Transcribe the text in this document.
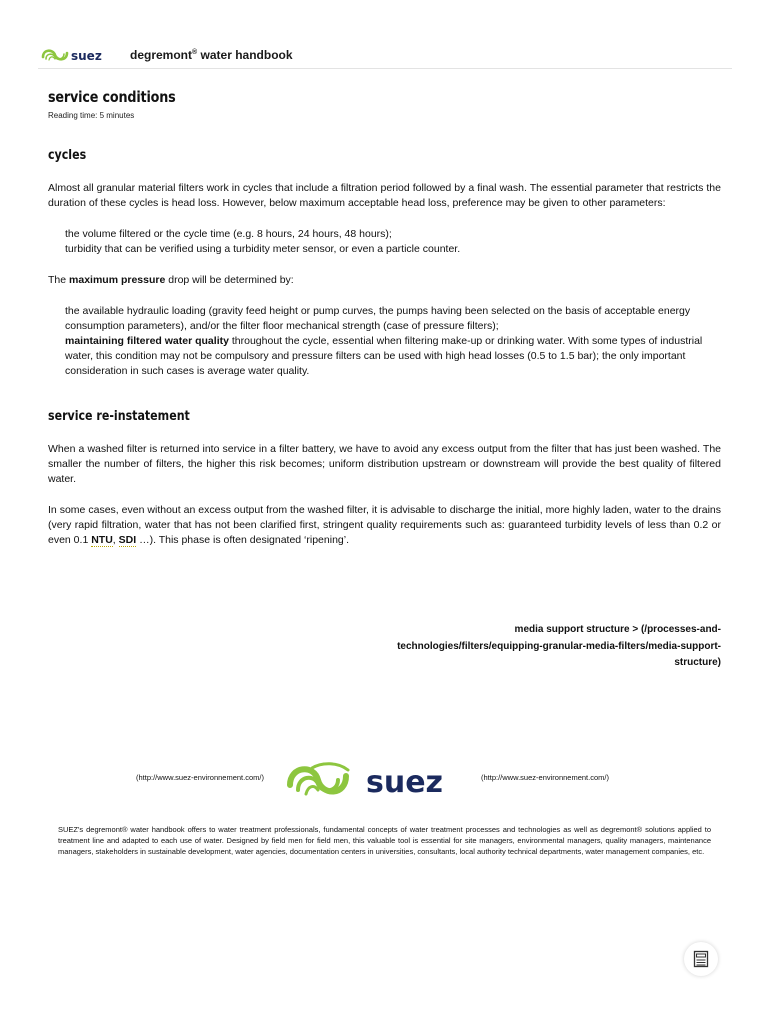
suez degremont® water handbook
service conditions
Reading time: 5 minutes
cycles

Almost all granular material filters work in cycles that include a filtration period followed by a final wash. The essential parameter that restricts the duration of these cycles is head loss. However, below maximum acceptable head loss, preference may be given to other parameters:

the volume filtered or the cycle time (e.g. 8 hours, 24 hours, 48 hours);

turbidity that can be verified using a turbidity meter sensor, or even a particle counter.

The maximum pressure drop will be determined by:

the available hydraulic loading (gravity feed height or pump curves, the pumps having been selected on the basis of acceptable energy consumption parameters), and/or the filter floor mechanical strength (case of pressure filters);

maintaining filtered water quality throughout the cycle, essential when filtering make-up or drinking water. With some types of industrial water, this condition may not be compulsory and pressure filters can be used with high head losses (0.5 to 1.5 bar); the only important consideration in such cases is average water quality.

service re-instatement

When a washed filter is returned into service in a filter battery, we have to avoid any excess output from the filter that has just been washed. The smaller the number of filters, the higher this risk becomes; uniform distribution upstream or downstream will provide the best quality of filtered water.

In some cases, even without an excess output from the washed filter, it is advisable to discharge the initial, more highly laden, water to the drains (very rapid filtration, water that has not been clarified first, stringent quality requirements such as: guaranteed turbidity levels of less than 0.2 or even 0.1 NTU, SDI …). This phase is often designated ‘ripening’.

media support structure > (/processes-and-technologies/filters/equipping-granular-media-filters/media-support-structure)
(http://www.suez-environnement.com/)	suez	(http://www.suez-environnement.com/)
SUEZ's degremont® water handbook offers to water treatment professionals, fundamental concepts of water treatment processes and technologies as well as degremont® solutions applied to treatment line and adapted to each use of water. Designed by field men for field men, this valuable tool is essential for site managers, environmental managers, quality managers, maintenance managers, stakeholders in sustainable development, water agencies, documentation centers in universities, consultants, local authority technical departments, water management companies, etc.
